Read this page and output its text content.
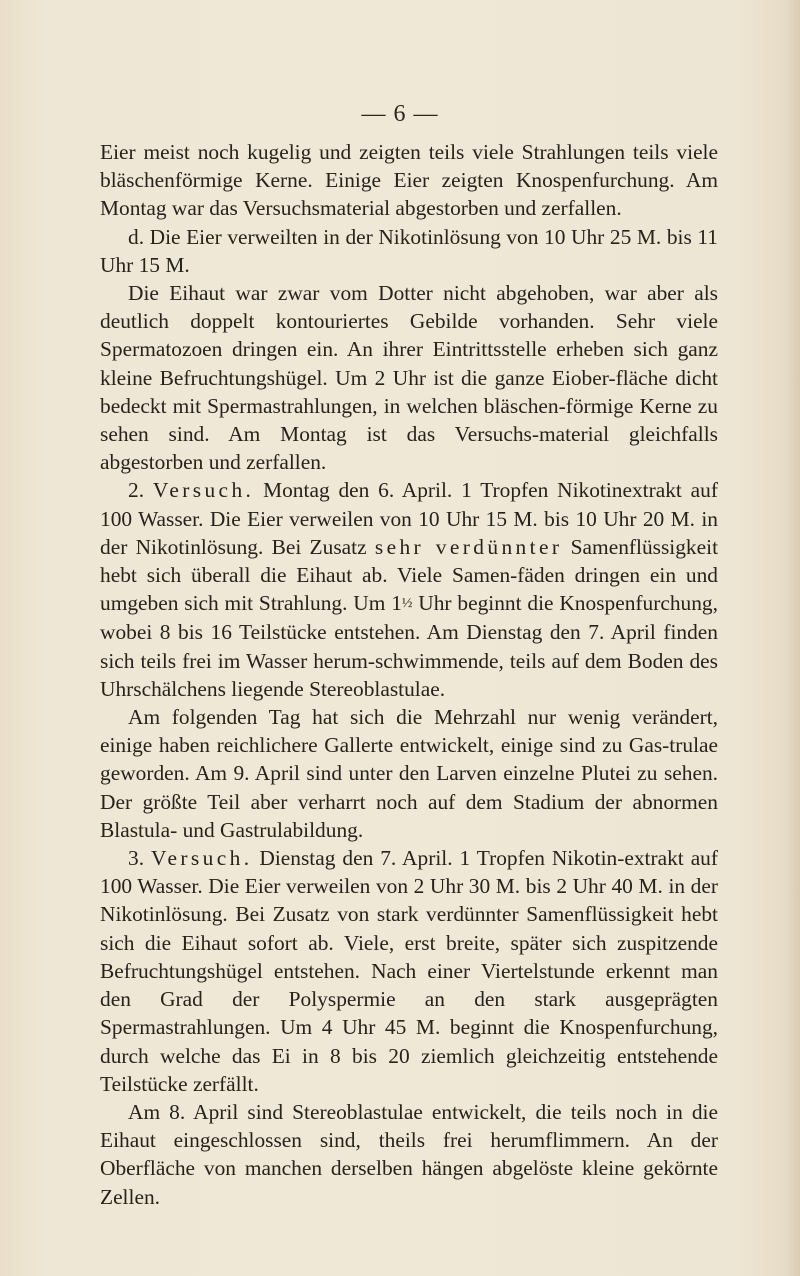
— 6 —

Eier meist noch kugelig und zeigten teils viele Strahlungen teils viele bläschenförmige Kerne. Einige Eier zeigten Knospenfurchung. Am Montag war das Versuchsmaterial abgestorben und zerfallen.

d. Die Eier verweilten in der Nikotinlösung von 10 Uhr 25 M. bis 11 Uhr 15 M.

Die Eihaut war zwar vom Dotter nicht abgehoben, war aber als deutlich doppelt kontouriertes Gebilde vorhanden. Sehr viele Spermatozoen dringen ein. An ihrer Eintrittsstelle erheben sich ganz kleine Befruchtungshügel. Um 2 Uhr ist die ganze Eiober-fläche dicht bedeckt mit Spermastrahlungen, in welchen bläschen-förmige Kerne zu sehen sind. Am Montag ist das Versuchs-material gleichfalls abgestorben und zerfallen.

2. Versuch. Montag den 6. April. 1 Tropfen Nikotinextrakt auf 100 Wasser. Die Eier verweilen von 10 Uhr 15 M. bis 10 Uhr 20 M. in der Nikotinlösung. Bei Zusatz sehr verdünnter Samenflüssigkeit hebt sich überall die Eihaut ab. Viele Samen-fäden dringen ein und umgeben sich mit Strahlung. Um 1½ Uhr beginnt die Knospenfurchung, wobei 8 bis 16 Teilstücke entstehen. Am Dienstag den 7. April finden sich teils frei im Wasser herum-schwimmende, teils auf dem Boden des Uhrschälchens liegende Stereoblastulae.

Am folgenden Tag hat sich die Mehrzahl nur wenig verändert, einige haben reichlichere Gallerte entwickelt, einige sind zu Gas-trulae geworden. Am 9. April sind unter den Larven einzelne Plutei zu sehen. Der größte Teil aber verharrt noch auf dem Stadium der abnormen Blastula- und Gastrulabildung.

3. Versuch. Dienstag den 7. April. 1 Tropfen Nikotin-extrakt auf 100 Wasser. Die Eier verweilen von 2 Uhr 30 M. bis 2 Uhr 40 M. in der Nikotinlösung. Bei Zusatz von stark verdünnter Samenflüssigkeit hebt sich die Eihaut sofort ab. Viele, erst breite, später sich zuspitzende Befruchtungshügel entstehen. Nach einer Viertelstunde erkennt man den Grad der Polyspermie an den stark ausgeprägten Spermastrahlungen. Um 4 Uhr 45 M. beginnt die Knospenfurchung, durch welche das Ei in 8 bis 20 ziemlich gleichzeitig entstehende Teilstücke zerfällt.

Am 8. April sind Stereoblastulae entwickelt, die teils noch in die Eihaut eingeschlossen sind, theils frei herumflimmern. An der Oberfläche von manchen derselben hängen abgelöste kleine gekörnte Zellen.
